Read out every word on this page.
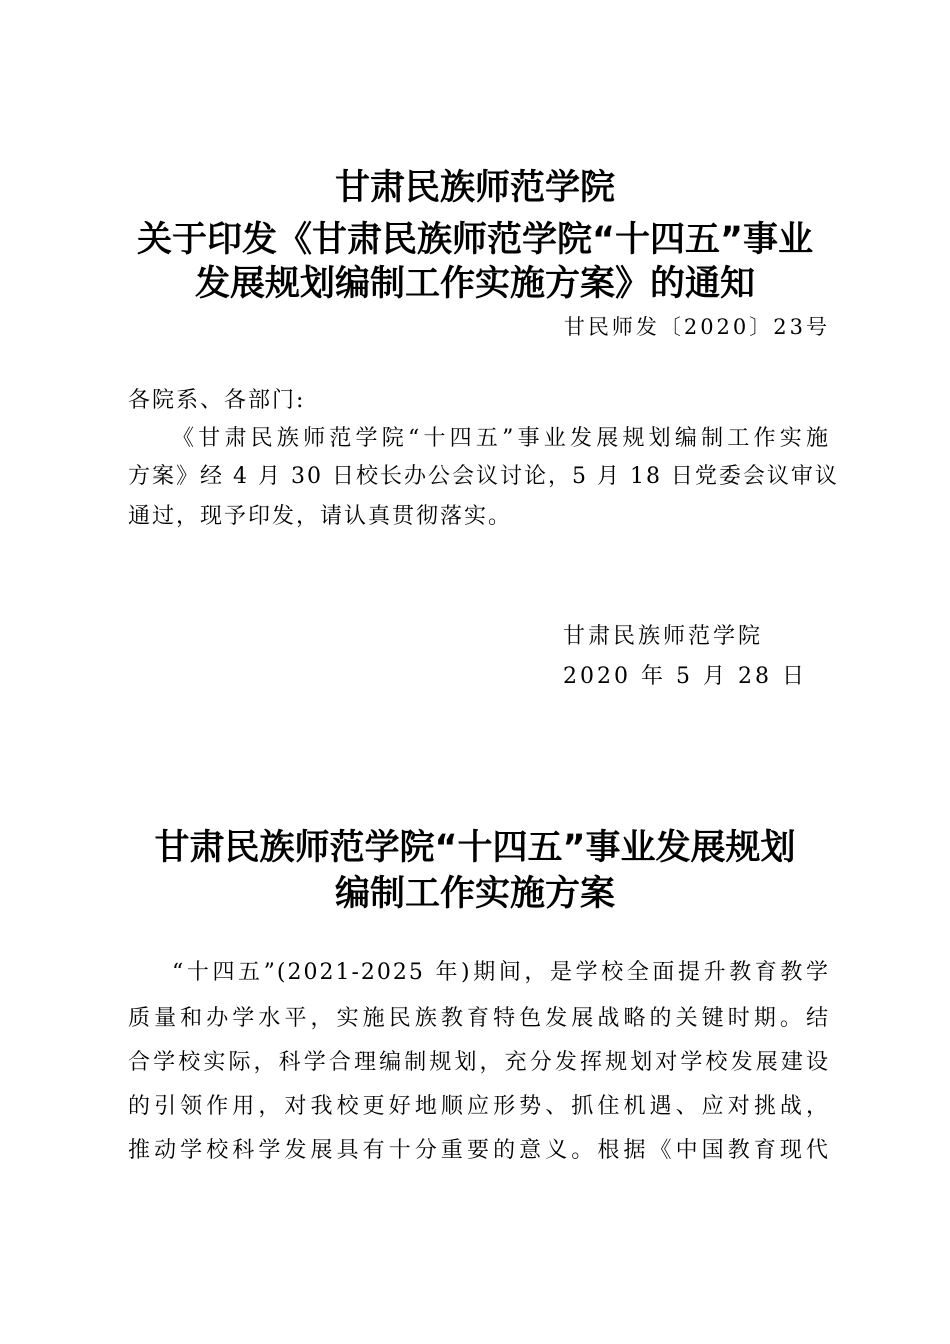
甘肃民族师范学院
关于印发《甘肃民族师范学院“十四五”事业
发展规划编制工作实施方案》的通知
甘民师发〔2020〕23号
各院系、各部门:
《甘肃民族师范学院“十四五”事业发展规划编制工作实施
方案》经 4 月 30 日校长办公会议讨论，5 月 18 日党委会议审议
通过，现予印发，请认真贯彻落实。
甘肃民族师范学院
2020 年 5 月 28 日
甘肃民族师范学院“十四五”事业发展规划
编制工作实施方案
“十四五”(2021-2025 年)期间，是学校全面提升教育教学
质量和办学水平，实施民族教育特色发展战略的关键时期。结
合学校实际，科学合理编制规划，充分发挥规划对学校发展建设
的引领作用，对我校更好地顺应形势、抓住机遇、应对挑战，
推动学校科学发展具有十分重要的意义。根据《中国教育现代
